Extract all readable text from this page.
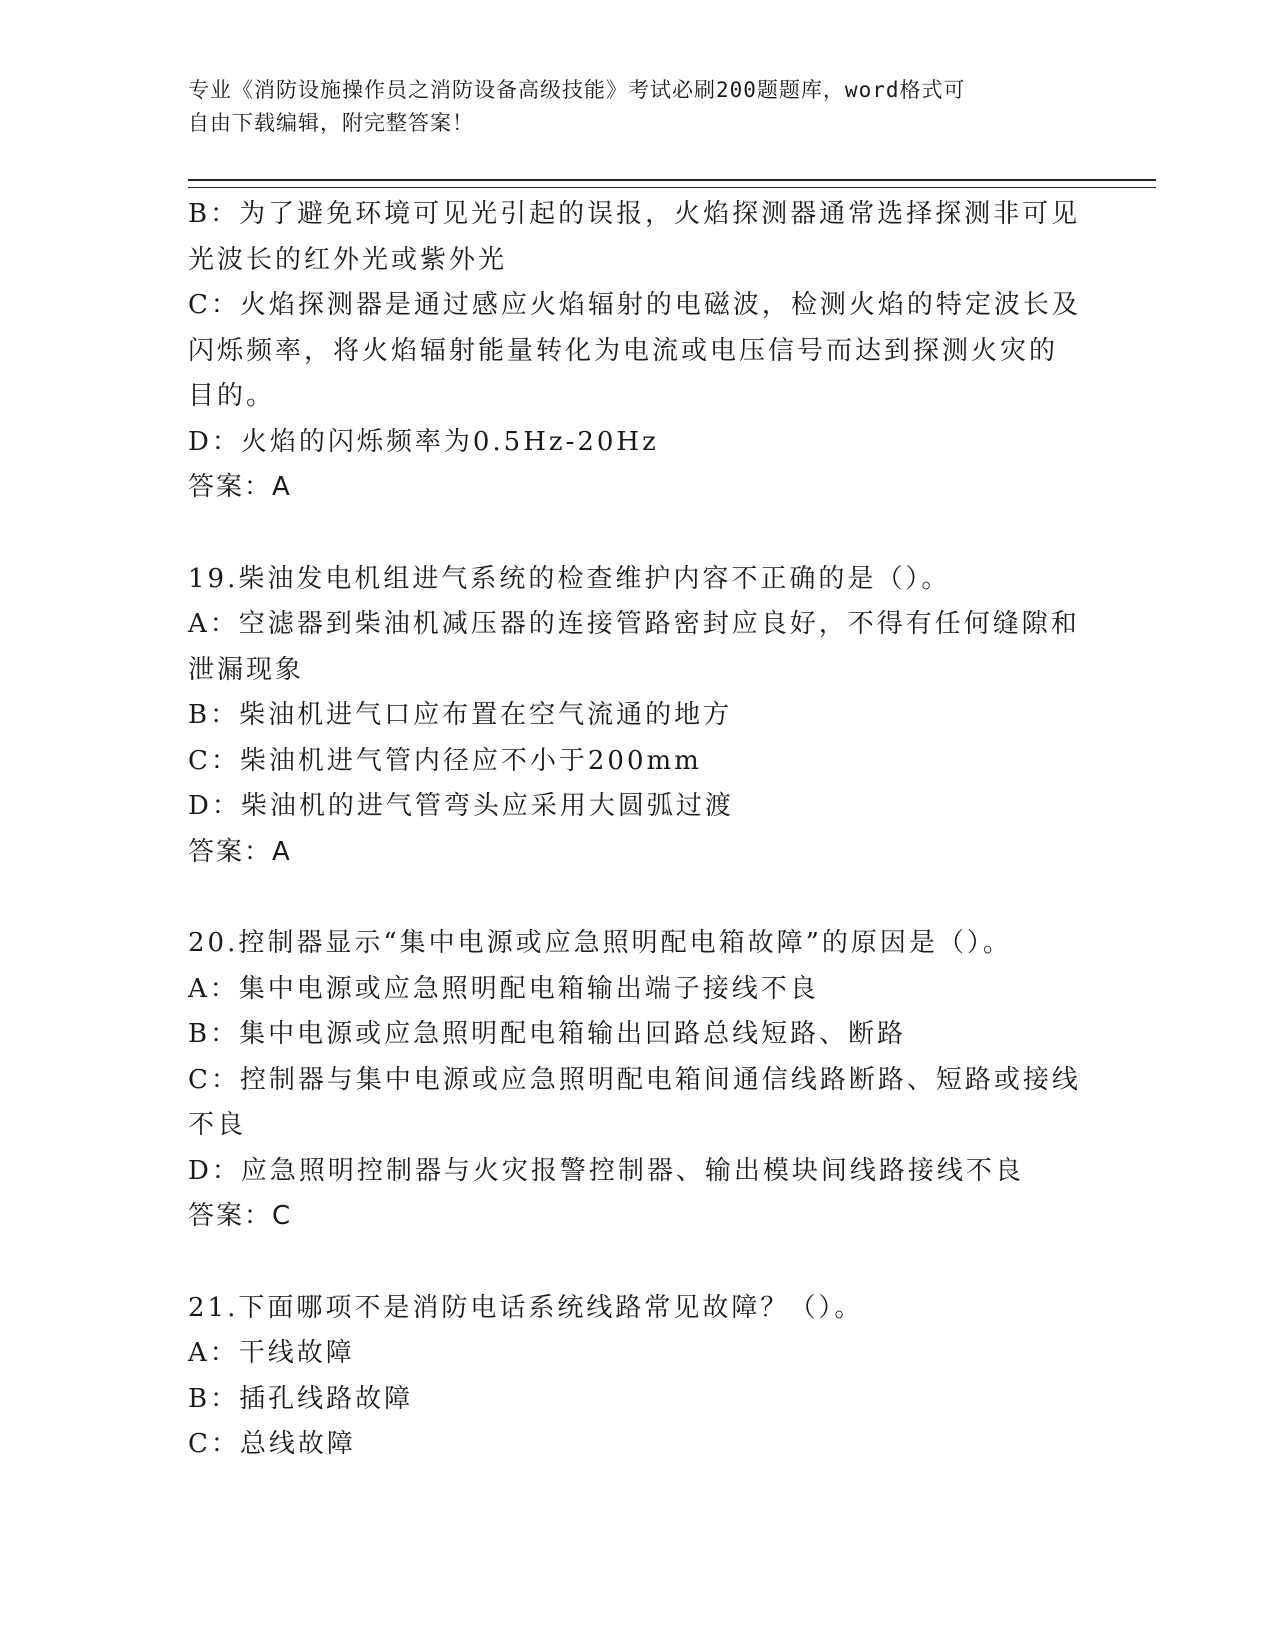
专业《消防设施操作员之消防设备高级技能》考试必刷200题题库，word格式可
自由下载编辑，附完整答案！
B：为了避免环境可见光引起的误报，火焰探测器通常选择探测非可见
光波长的红外光或紫外光
C：火焰探测器是通过感应火焰辐射的电磁波，检测火焰的特定波长及
闪烁频率，将火焰辐射能量转化为电流或电压信号而达到探测火灾的
目的。
D：火焰的闪烁频率为0.5Hz-20Hz
答案：A
19.柴油发电机组进气系统的检查维护内容不正确的是（）。
A：空滤器到柴油机减压器的连接管路密封应良好，不得有任何缝隙和
泄漏现象
B：柴油机进气口应布置在空气流通的地方
C：柴油机进气管内径应不小于200mm
D：柴油机的进气管弯头应采用大圆弧过渡
答案：A
20.控制器显示“集中电源或应急照明配电箱故障”的原因是（）。
A：集中电源或应急照明配电箱输出端子接线不良
B：集中电源或应急照明配电箱输出回路总线短路、断路
C：控制器与集中电源或应急照明配电箱间通信线路断路、短路或接线
不良
D：应急照明控制器与火灾报警控制器、输出模块间线路接线不良
答案：C
21.下面哪项不是消防电话系统线路常见故障？（）。
A：干线故障
B：插孔线路故障
C：总线故障
